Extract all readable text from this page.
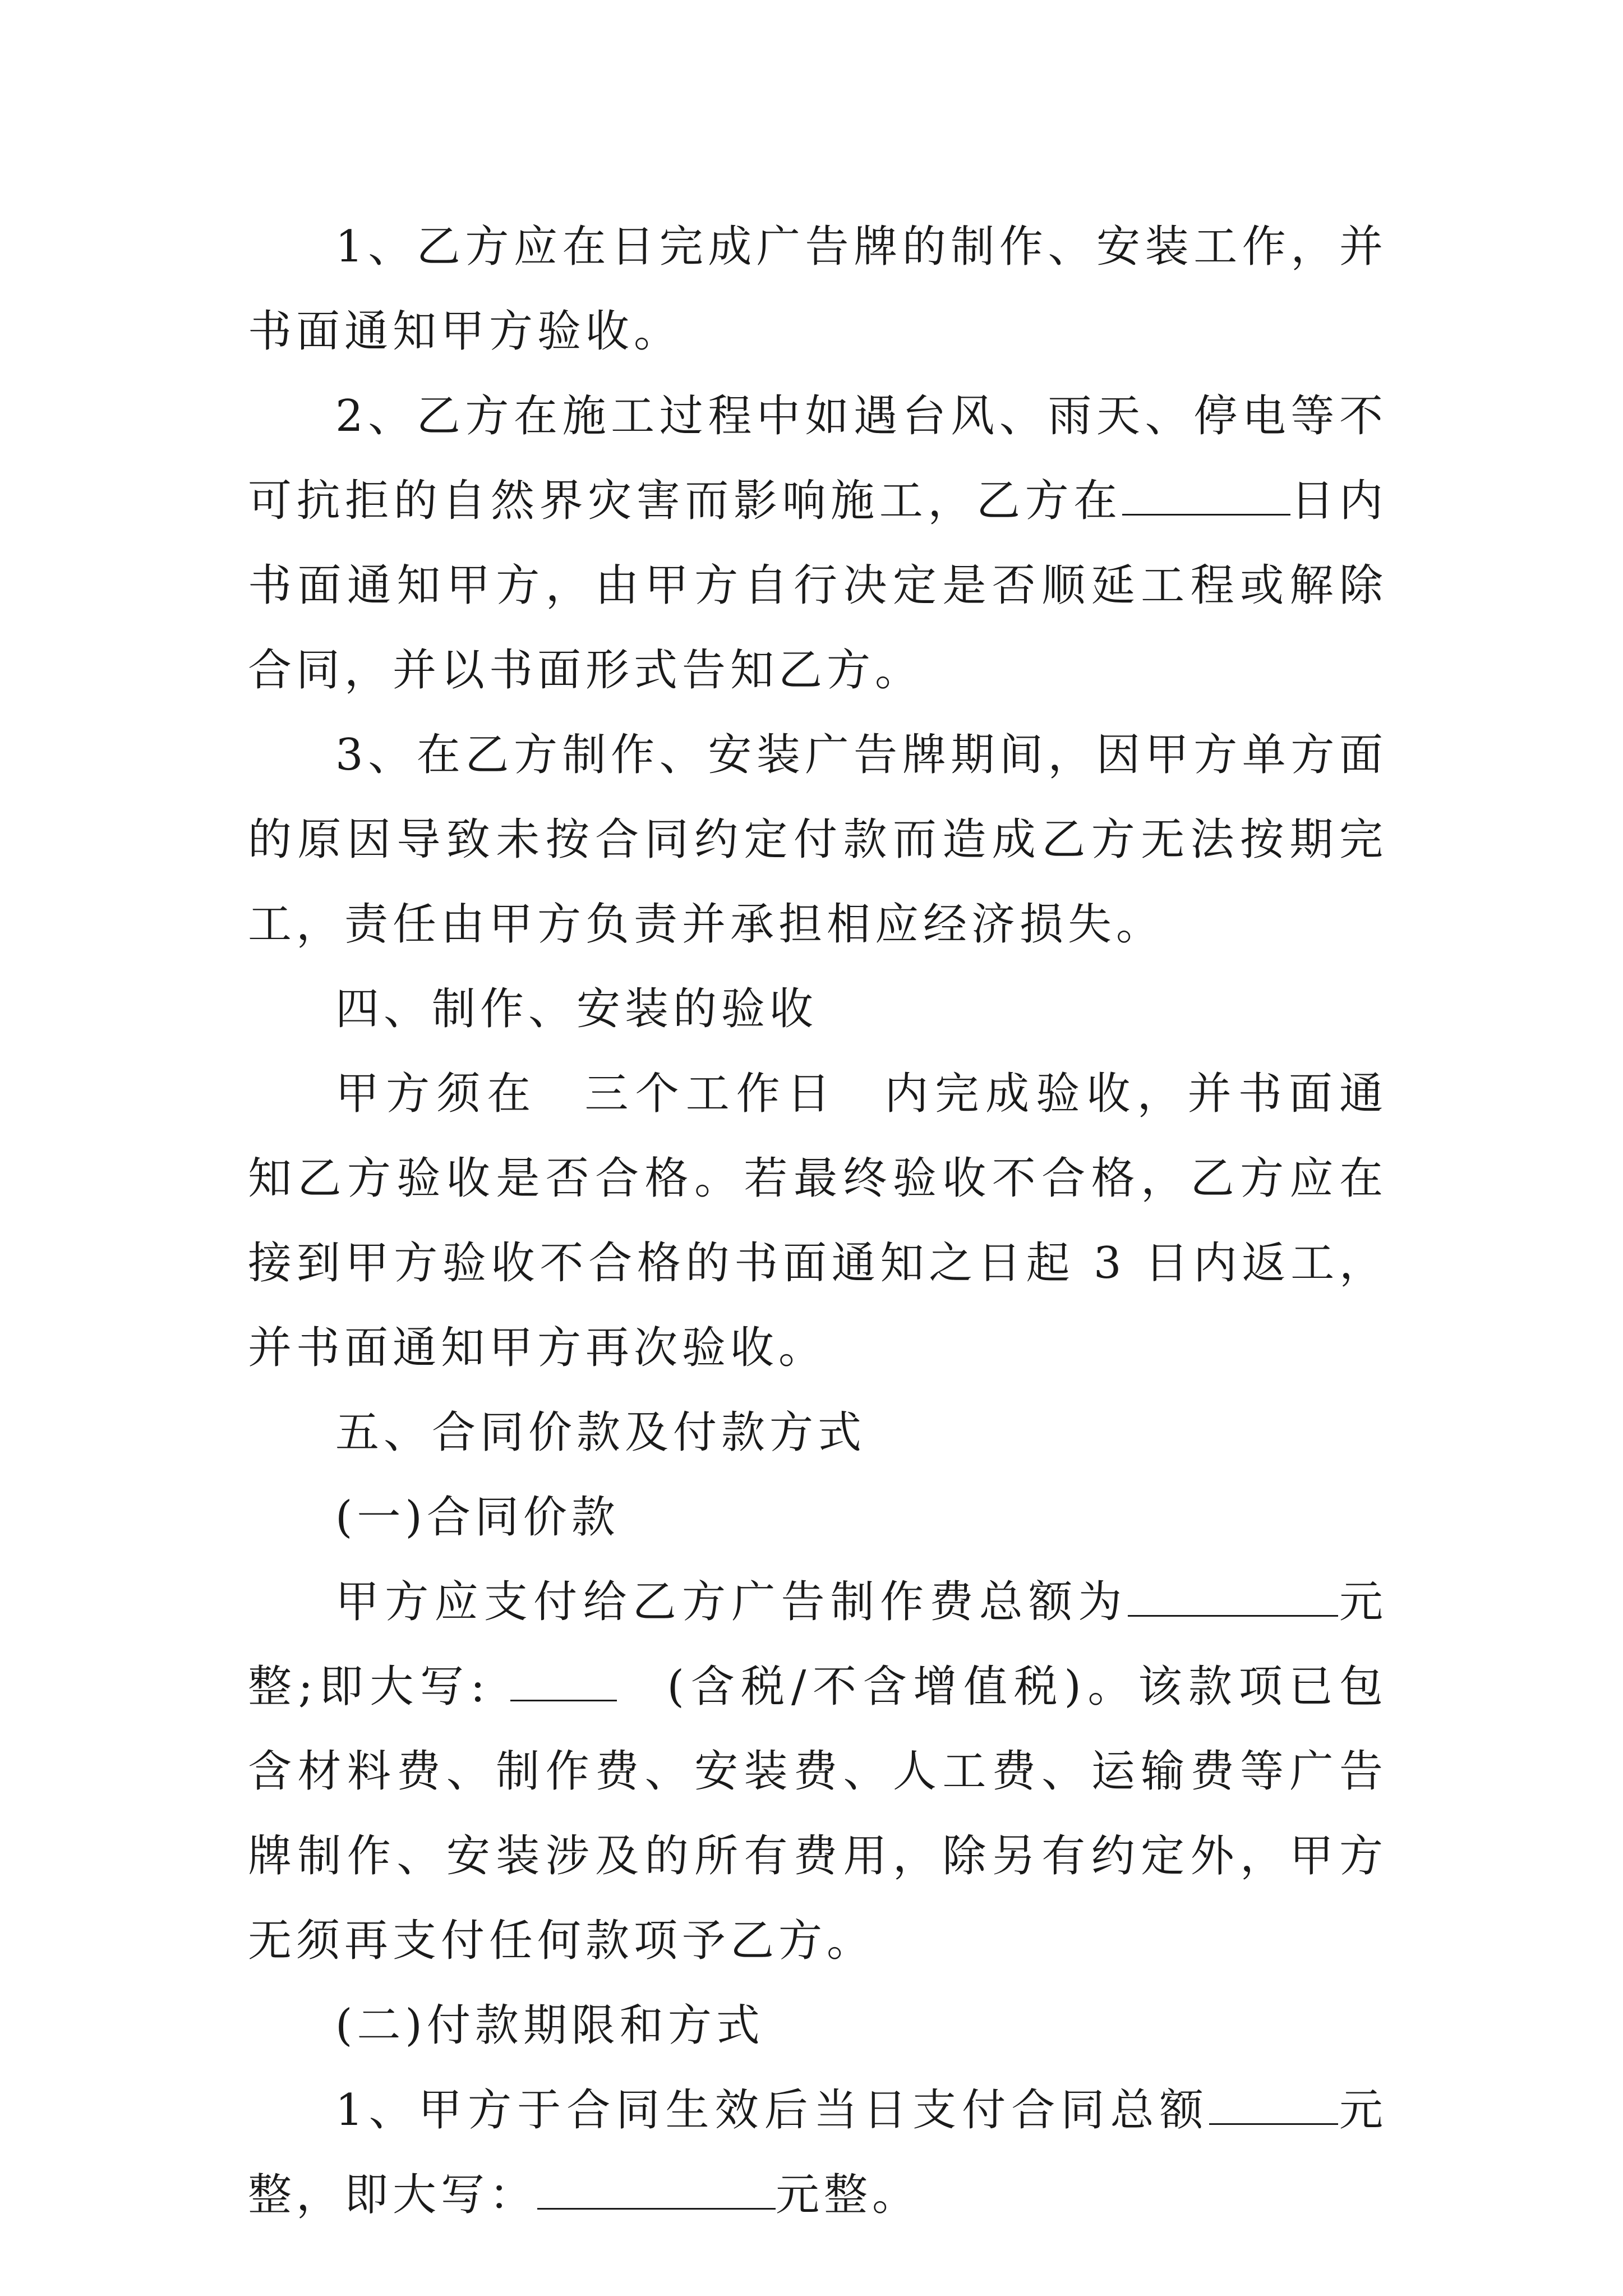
1、乙方应在日完成广告牌的制作、安装工作，并书面通知甲方验收。

2、乙方在施工过程中如遇台风、雨天、停电等不可抗拒的自然界灾害而影响施工，乙方在	日内书面通知甲方，由甲方自行决定是否顺延工程或解除合同，并以书面形式告知乙方。

3、在乙方制作、安装广告牌期间，因甲方单方面的原因导致未按合同约定付款而造成乙方无法按期完工，责任由甲方负责并承担相应经济损失。

四、制作、安装的验收

甲方须在 三个工作日 内完成验收，并书面通知乙方验收是否合格。若最终验收不合格，乙方应在接到甲方验收不合格的书面通知之日起 3 日内返工，并书面通知甲方再次验收。

五、合同价款及付款方式

(一)合同价款

甲方应支付给乙方广告制作费总额为	元整;即大写:	(含税/不含增值税)。该款项已包含材料费、制作费、安装费、人工费、运输费等广告牌制作、安装涉及的所有费用，除另有约定外，甲方无须再支付任何款项予乙方。

(二)付款期限和方式

1、甲方于合同生效后当日支付合同总额	元整，即大写：	元整。
